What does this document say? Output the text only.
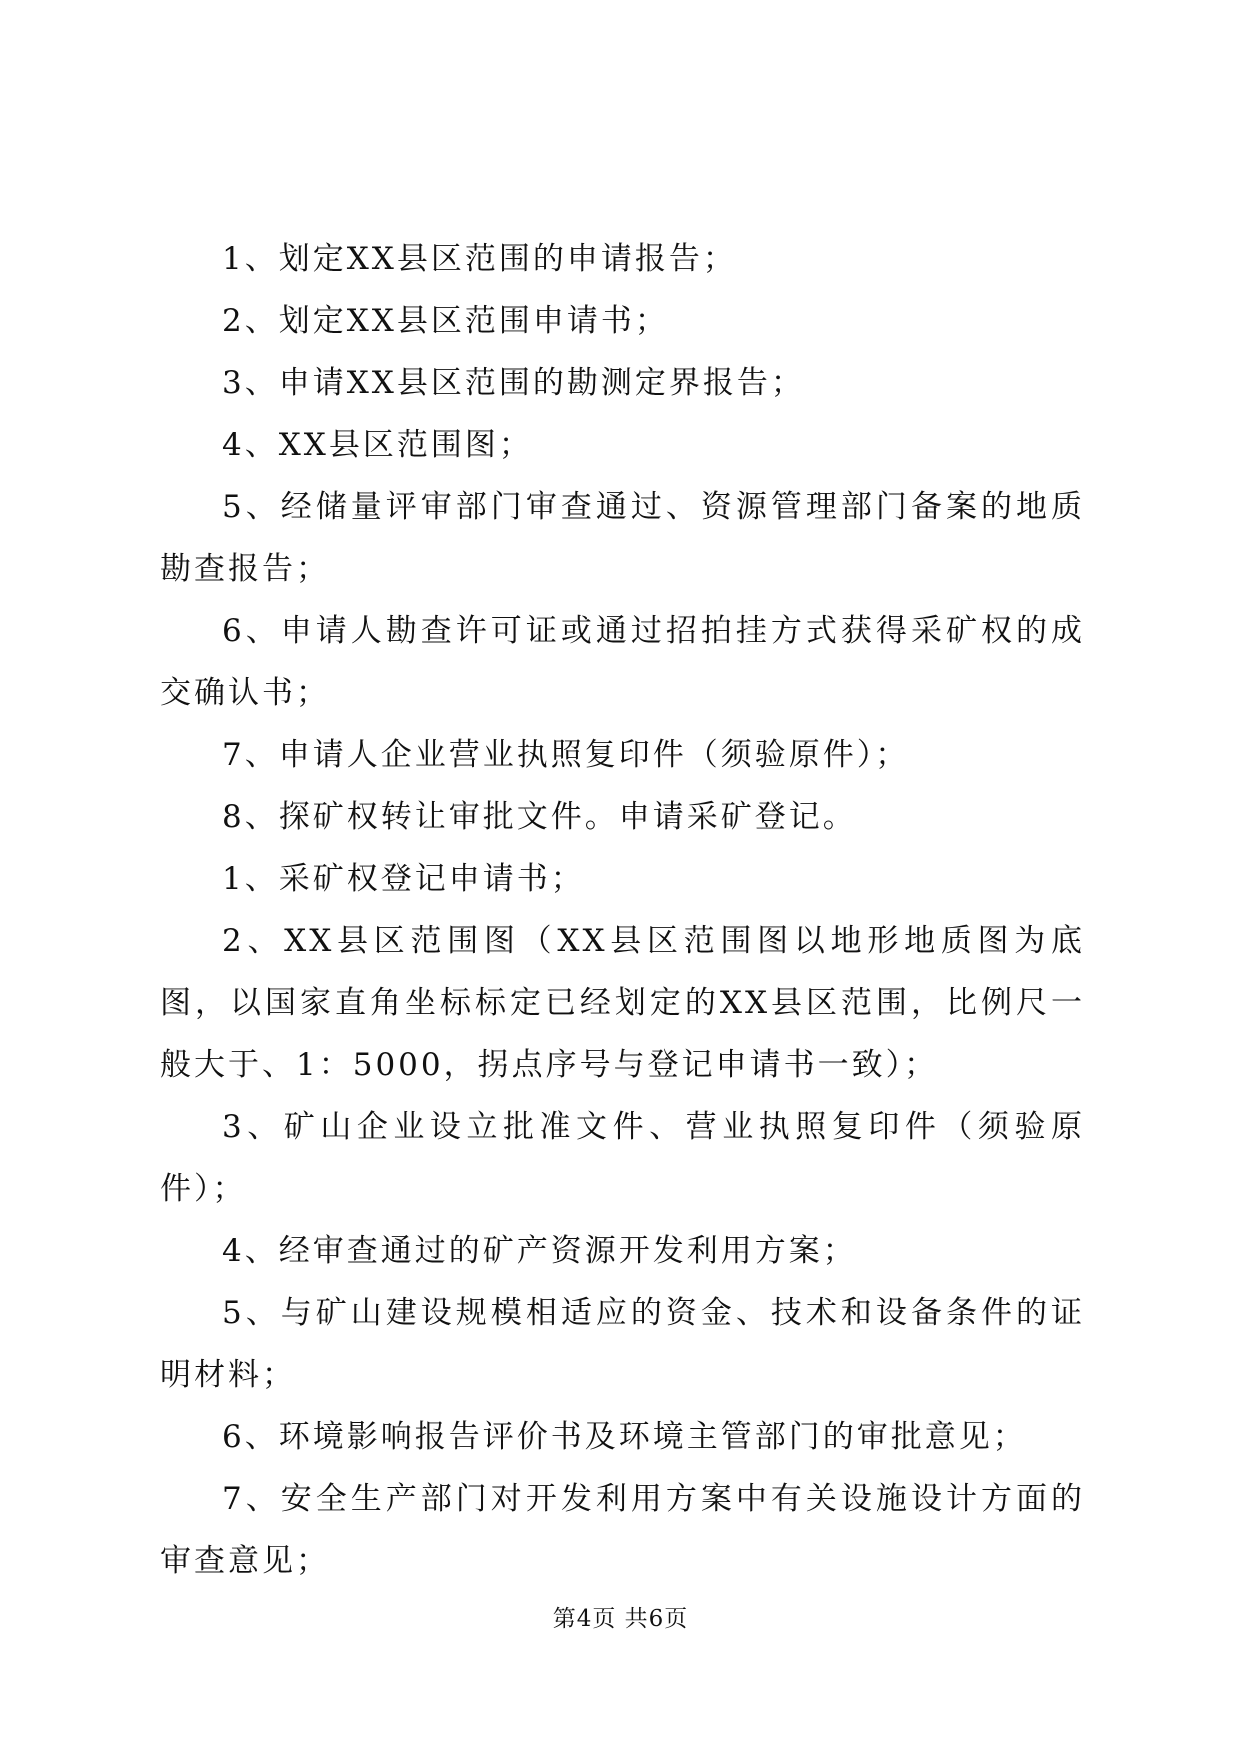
1、划定XX县区范围的申请报告；

2、划定XX县区范围申请书；

3、申请XX县区范围的勘测定界报告；

4、XX县区范围图；

5、经储量评审部门审查通过、资源管理部门备案的地质勘查报告；

6、申请人勘查许可证或通过招拍挂方式获得采矿权的成交确认书；

7、申请人企业营业执照复印件（须验原件）；

8、探矿权转让审批文件。申请采矿登记。

1、采矿权登记申请书；

2、XX县区范围图（XX县区范围图以地形地质图为底图，以国家直角坐标标定已经划定的XX县区范围，比例尺一般大于、1：5000，拐点序号与登记申请书一致）；

3、矿山企业设立批准文件、营业执照复印件（须验原件）；

4、经审查通过的矿产资源开发利用方案；

5、与矿山建设规模相适应的资金、技术和设备条件的证明材料；

6、环境影响报告评价书及环境主管部门的审批意见；

7、安全生产部门对开发利用方案中有关设施设计方面的审查意见；

第4页 共6页
